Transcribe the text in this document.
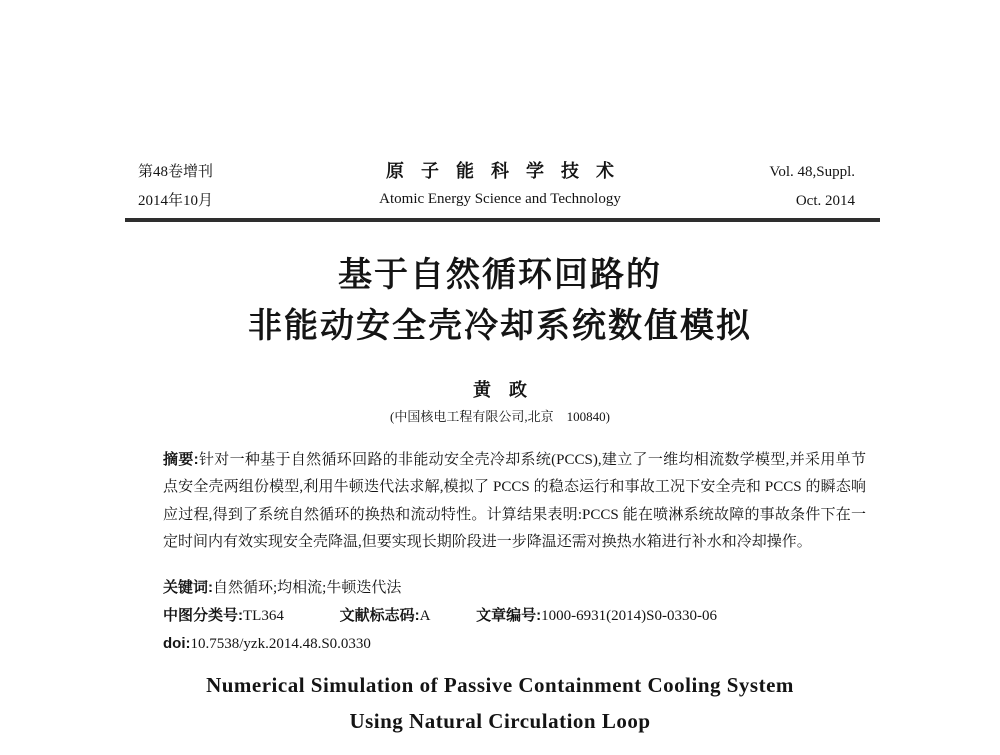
第48卷增刊
2014年10月
原子能科学技术
Atomic Energy Science and Technology
Vol. 48,Suppl.
Oct. 2014
基于自然循环回路的
非能动安全壳冷却系统数值模拟
黄　政
(中国核电工程有限公司,北京　100840)
摘要:针对一种基于自然循环回路的非能动安全壳冷却系统(PCCS),建立了一维均相流数学模型,并采用单节点安全壳两组份模型,利用牛顿迭代法求解,模拟了 PCCS 的稳态运行和事故工况下安全壳和 PCCS 的瞬态响应过程,得到了系统自然循环的换热和流动特性。计算结果表明:PCCS 能在喷淋系统故障的事故条件下在一定时间内有效实现安全壳降温,但要实现长期阶段进一步降温还需对换热水箱进行补水和冷却操作。
关键词:自然循环;均相流;牛顿迭代法
中图分类号:TL364	文献标志码:A	文章编号:1000-6931(2014)S0-0330-06
doi:10.7538/yzk.2014.48.S0.0330
Numerical Simulation of Passive Containment Cooling System
Using Natural Circulation Loop
